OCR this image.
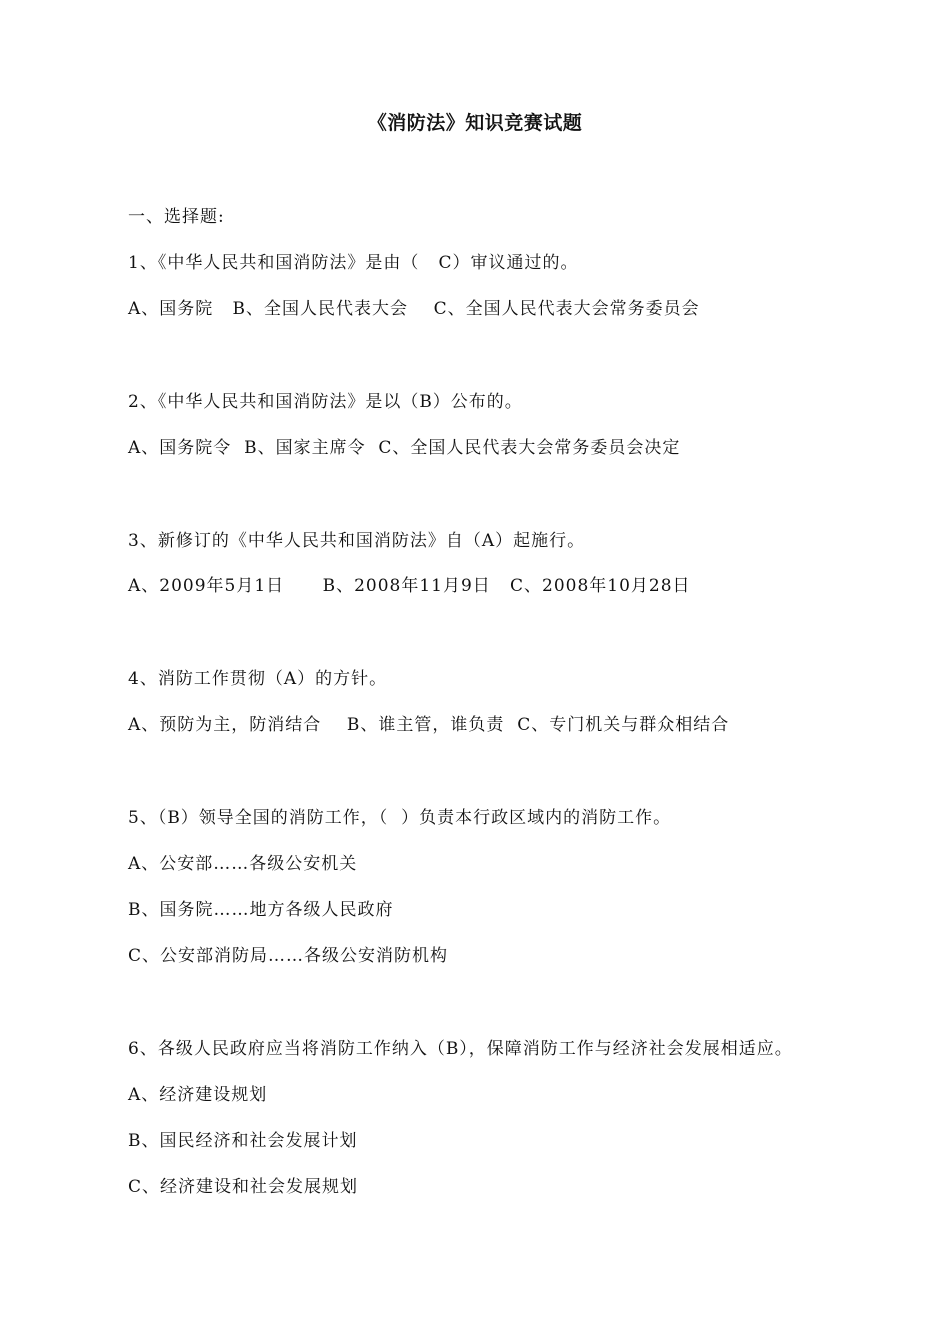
《消防法》知识竞赛试题
一、选择题:
1、《中华人民共和国消防法》是由（   C）审议通过的。
A、国务院   B、全国人民代表大会    C、全国人民代表大会常务委员会
2、《中华人民共和国消防法》是以（B）公布的。
A、国务院令  B、国家主席令  C、全国人民代表大会常务委员会决定
3、新修订的《中华人民共和国消防法》自（A）起施行。
A、2009年5月1日      B、2008年11月9日   C、2008年10月28日
4、消防工作贯彻（A）的方针。
A、预防为主，防消结合    B、谁主管，谁负责  C、专门机关与群众相结合
5、（B）领导全国的消防工作，（  ）负责本行政区域内的消防工作。
A、公安部……各级公安机关
B、国务院……地方各级人民政府
C、公安部消防局……各级公安消防机构
6、各级人民政府应当将消防工作纳入（B），保障消防工作与经济社会发展相适应。
A、经济建设规划
B、国民经济和社会发展计划
C、经济建设和社会发展规划
